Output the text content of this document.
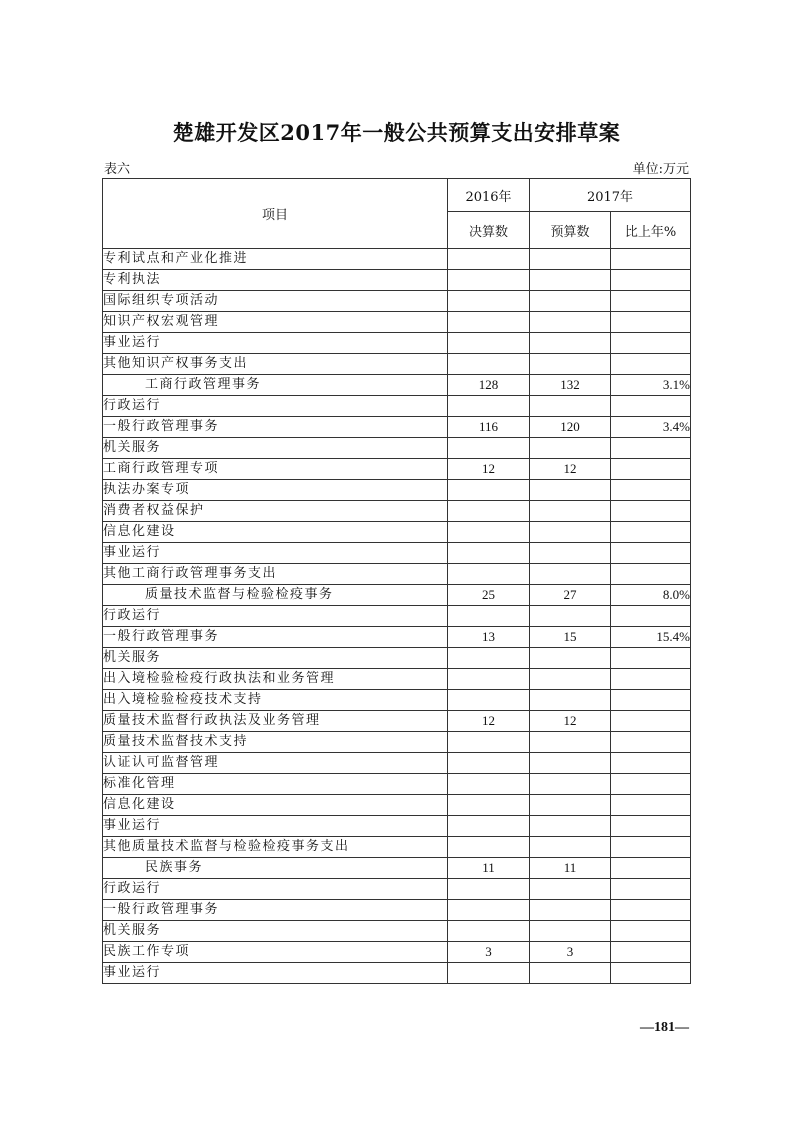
楚雄开发区2017年一般公共预算支出安排草案
表六	单位:万元
项目	2016年	2017年	
	决算数	预算数	比上年%
专利试点和产业化推进			
专利执法			
国际组织专项活动			
知识产权宏观管理			
事业运行			
其他知识产权事务支出			
工商行政管理事务	128	132	3.1%
行政运行			
一般行政管理事务	116	120	3.4%
机关服务			
工商行政管理专项	12	12	
执法办案专项			
消费者权益保护			
信息化建设			
事业运行			
其他工商行政管理事务支出			
质量技术监督与检验检疫事务	25	27	8.0%
行政运行			
一般行政管理事务	13	15	15.4%
机关服务			
出入境检验检疫行政执法和业务管理			
出入境检验检疫技术支持			
质量技术监督行政执法及业务管理	12	12	
质量技术监督技术支持			
认证认可监督管理			
标准化管理			
信息化建设			
事业运行			
其他质量技术监督与检验检疫事务支出			
民族事务	11	11	
行政运行			
一般行政管理事务			
机关服务			
民族工作专项	3	3	
事业运行			
—181—
